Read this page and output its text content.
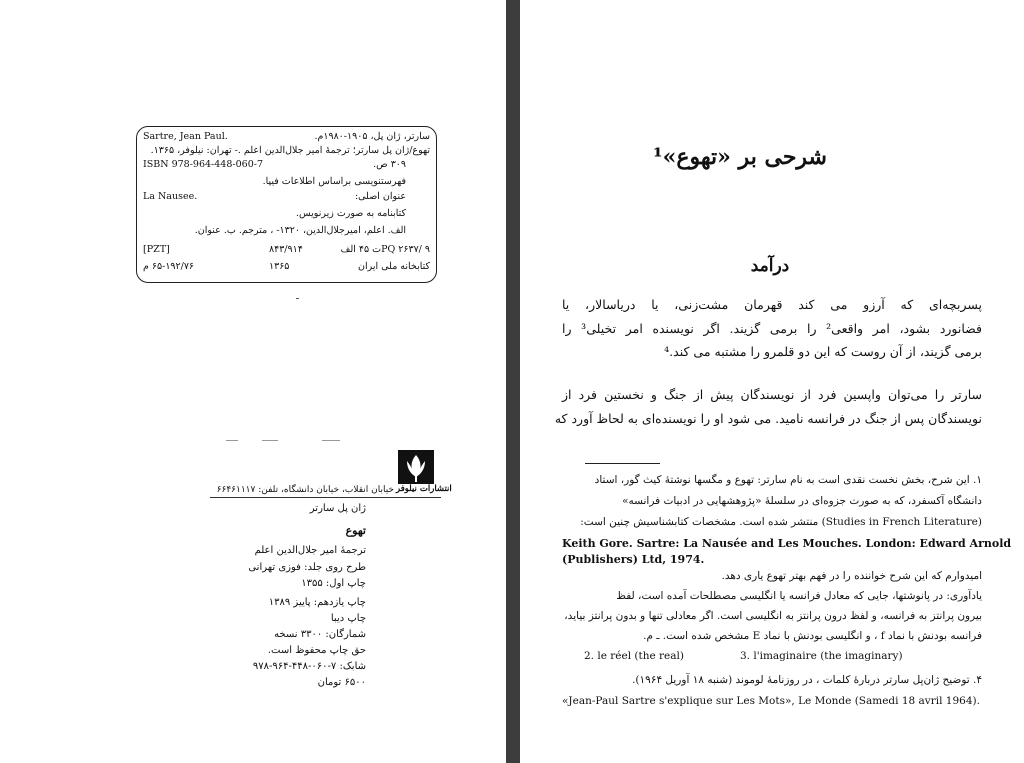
Sartre, Jean Paul.	سارتر، ژان پل، ۱۹۰۵-۱۹۸۰م.
تهوع/ژان پل سارتر؛ ترجمهٔ امیر جلال‌الدین اعلم .- تهران: نیلوفر، ۱۳۶۵.
۳۰۹ ص.
ISBN 978-964-448-060-7
فهرستنویسی براساس اطلاعات فیپا.
عنوان اصلی:
La Nausee.
کتابنامه به صورت زیرنویس.
الف. اعلم، امیرجلال‌الدین، ۱۳۲۰- ، مترجم. ب. عنوان.
PQ ۲۶۳۷/ ۹ت ۴۵ الف
۸۴۳/۹۱۴
[PZT]
کتابخانه ملی ایران
۱۳۶۵
۶۵-۱۹۲/۷۶ م
انتشارات نیلوفر
خیابان انقلاب، خیابان دانشگاه، تلفن: ۶۶۴۶۱۱۱۷
ژان پل سارتر
تهوع
ترجمهٔ امیر جلال‌الدین اعلم
طرح روی جلد: فوزی تهرانی
چاپ اول: ۱۳۵۵
چاپ یازدهم: پاییز ۱۳۸۹
چاپ دیبا
شمارگان: ۳۳۰۰ نسخه
حق چاپ محفوظ است.
شابک: ۷-۰۶۰-۴۴۸-۹۶۴-۹۷۸
۶۵۰۰ تومان
شرحی بر «تهوع»¹
درآمد
پسربچه‌ای که آرزو می کند قهرمان مشت‌زنی، یا دریاسالار، یا
فضانورد بشود، امر واقعی² را برمی گزیند. اگر نویسنده امر تخیلی³ را
برمی گزیند، از آن روست که این دو قلمرو را مشتبه می کند.⁴
سارتر را می‌توان واپسین فرد از نویسندگان پیش از جنگ و نخستین فرد از
نویسندگان پس از جنگ در فرانسه نامید. می شود او را نویسنده‌ای به لحاظ آورد که
۱. این شرح، بخش نخست نقدی است به نام سارتر: تهوع و مگسها نوشتهٔ کیث گور، استاد
دانشگاه آکسفرد، که به صورت جزوه‌ای در سلسلهٔ «پژوهشهایی در ادبیات فرانسه»
(Studies in French Literature) منتشر شده است. مشخصات کتابشناسیش چنین است:
Keith Gore. Sartre: La Nausée and Les Mouches. London: Edward Arnold
(Publishers) Ltd, 1974.
امیدوارم که این شرح خواننده را در فهم بهتر تهوع یاری دهد.
یادآوری: در پانوشتها، جایی که معادل فرانسه یا انگلیسی مصطلحات آمده است، لفظ
بیرون پرانتز به فرانسه، و لفظ درون پرانتز به انگلیسی است. اگر معادلی تنها و بدون پرانتز بیاید،
فرانسه بودنش با نماد f ، و انگلیسی بودنش با نماد E مشخص شده است. ـ م.
2. le réel (the real)	3. l'imaginaire (the imaginary)
۴. توضیح ژان‌پل سارتر دربارهٔ کلمات ، در روزنامهٔ لوموند (شنبه ۱۸ آوریل ۱۹۶۴).
«Jean-Paul Sartre s'explique sur Les Mots», Le Monde (Samedi 18 avril 1964).
